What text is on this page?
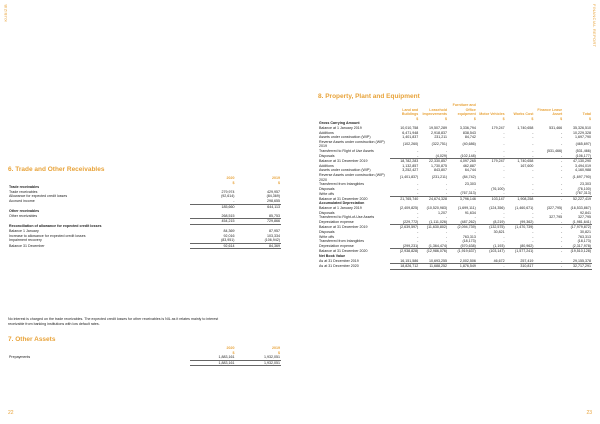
KUBIZIB	FINANCIAL REPORT
22	23
6. Trade and Other Receivables
	2020	2019
	$	$
Trade receivables		
Trade receivables	279,974	429,957
Allowance for expected credit losses	(92,614)	(84,369)
Accrued income	-	298,655
	185,660	644,113
Other receivables		
Other receivables	268,515	85,753
	454,215	729,866
Reconciliation of allowance for expected credit losses		
Balance 1 January	84,369	87,957
Increase to allowance for expected credit losses	92,016	103,334
Impairment recovery	(83,951)	(106,942)
Balance 31 December	92,614	84,369

No interest is charged on the trade receivables. The expected credit losses for other receivables is NIL as it relates mainly to interest receivable from banking institutions with low default rates.

7. Other Assets
	2020	2019
	$	$
Prepayments	1,883,161	1,932,051
	1,883,161	1,932,051
8. Property, Plant and Equipment
	Land and Buildings	Leasehold Improvements	Furniture and Office equipment	Motor Vehicles	Works Cost	Finance Lease Asset	Total
	$	$	$	$	$	$	$
Gross Carrying Amount							
Balance at 1 January 2019	10,010,758	19,507,289	3,336,794	179,247	1,740,658	531,466	35,326,510
Additions	6,471,948	2,918,837	838,543	-	-	-	10,229,328
Assets under construction (WIP)	1,401,837	231,211	84,742	-	-	-	1,697,790
Reverse Assets under construction (WIP) 2019	(102,260)	(322,751)	(40,686)	-	-	-	(465,697)
Transferred to Right of Use Assets	-	-	-	-	-	(531,466)	(531,466)
Disposals	-	(4,029)	(102,148)	-	-	-	(106,177)
Balance at 31 December 2019	18,782,283	22,330,857	4,097,265	179,247	1,740,658	-	47,130,290
Additions	1,132,857	1,730,875	462,887	-	167,600	-	3,494,019
Assets under construction (WIP)	3,252,427	843,807	64,744	-	-	-	4,160,988
Reverse Assets under construction (WIP) 2020	(1,401,837)	(231,211)	(84,742)	-	-	-	(1,697,790)
Transferred from Intangibles	-	-	23,303	-	-	-	23,303
Disposals	-	-	-	(76,100)	-	-	(76,100)
Write offs	-	-	(767,313)	-	-	-	(767,313)
Balance at 31 December 2020	21,765,740	24,674,328	3,796,146	103,147	1,908,258	-	52,227,419
Accumulated Depreciation							
Balance at 1 January 2019	(2,409,825)	(10,520,983)	(1,699,111)	(124,356)	(1,460,671)	(327,795)	(16,533,867)
Disposals	-	1,207	91,634	-	-	-	92,841
Transferred to Right-of-Use Assets	-	-	-	-	-	327,795	327,795
Depreciation expense	(229,772)	(1,111,026)	(487,262)	(8,219)	(99,362)	-	(1,981,641)
Balance at 31 December 2019	(2,639,597)	(11,630,802)	(2,094,739)	(132,575)	(1,470,739)	-	(17,979,872)
Disposals	-	-	-	30,821	-	-	30,821
Write offs	-	-	763,313	-	-	-	763,313
Transferred from Intangibles	-	-	(18,173)	-	-	-	(18,173)
Depreciation expense	(299,231)	(1,364,474)	(570,638)	(1,193)	(80,962)	-	(2,317,978)
Balance at 31 December 2020	(2,938,828)	(12,986,076)	(1,919,637)	(103,147)	(1,577,241)	-	(19,510,128)
Net Book Value							
As at 31 December 2019	16,151,586	10,693,255	2,002,506	46,672	257,419	-	29,155,378
As at 31 December 2020	18,826,712	11,688,252	1,876,549	-	310,817	-	32,717,291
